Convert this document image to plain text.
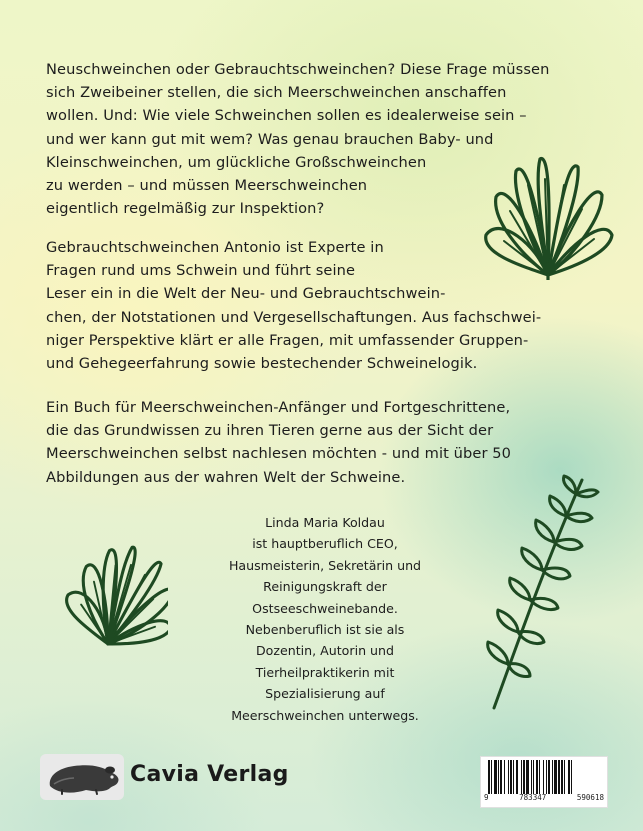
Neuschweinchen oder Gebrauchtschweinchen? Diese Frage müssen
sich Zweibeiner stellen, die sich Meerschweinchen anschaffen
wollen. Und: Wie viele Schweinchen sollen es idealerweise sein –
und wer kann gut mit wem? Was genau brauchen Baby- und
Kleinschweinchen, um glückliche Großschweinchen
zu werden – und müssen Meerschweinchen
eigentlich regelmäßig zur Inspektion?
Gebrauchtschweinchen Antonio ist Experte in
Fragen rund ums Schwein und führt seine
Leser ein in die Welt der Neu- und Gebrauchtschwein-
chen, der Notstationen und Vergesellschaftungen. Aus fachschwei-
niger Perspektive klärt er alle Fragen, mit umfassender Gruppen-
und Gehegeerfahrung sowie bestechender Schweinelogik.
Ein Buch für Meerschweinchen-Anfänger und Fortgeschrittene,
die das Grundwissen zu ihren Tieren gerne aus der Sicht der
Meerschweinchen selbst nachlesen möchten - und mit über 50
Abbildungen aus der wahren Welt der Schweine.
Linda Maria Koldau
ist hauptberuflich CEO,
Hausmeisterin, Sekretärin und
Reinigungskraft der
Ostseeschweinebande.
Nebenberuflich ist sie als
Dozentin, Autorin und
Tierheilpraktikerin mit
Spezialisierung auf
Meerschweinchen unterwegs.
Cavia Verlag
9	783347	590618
